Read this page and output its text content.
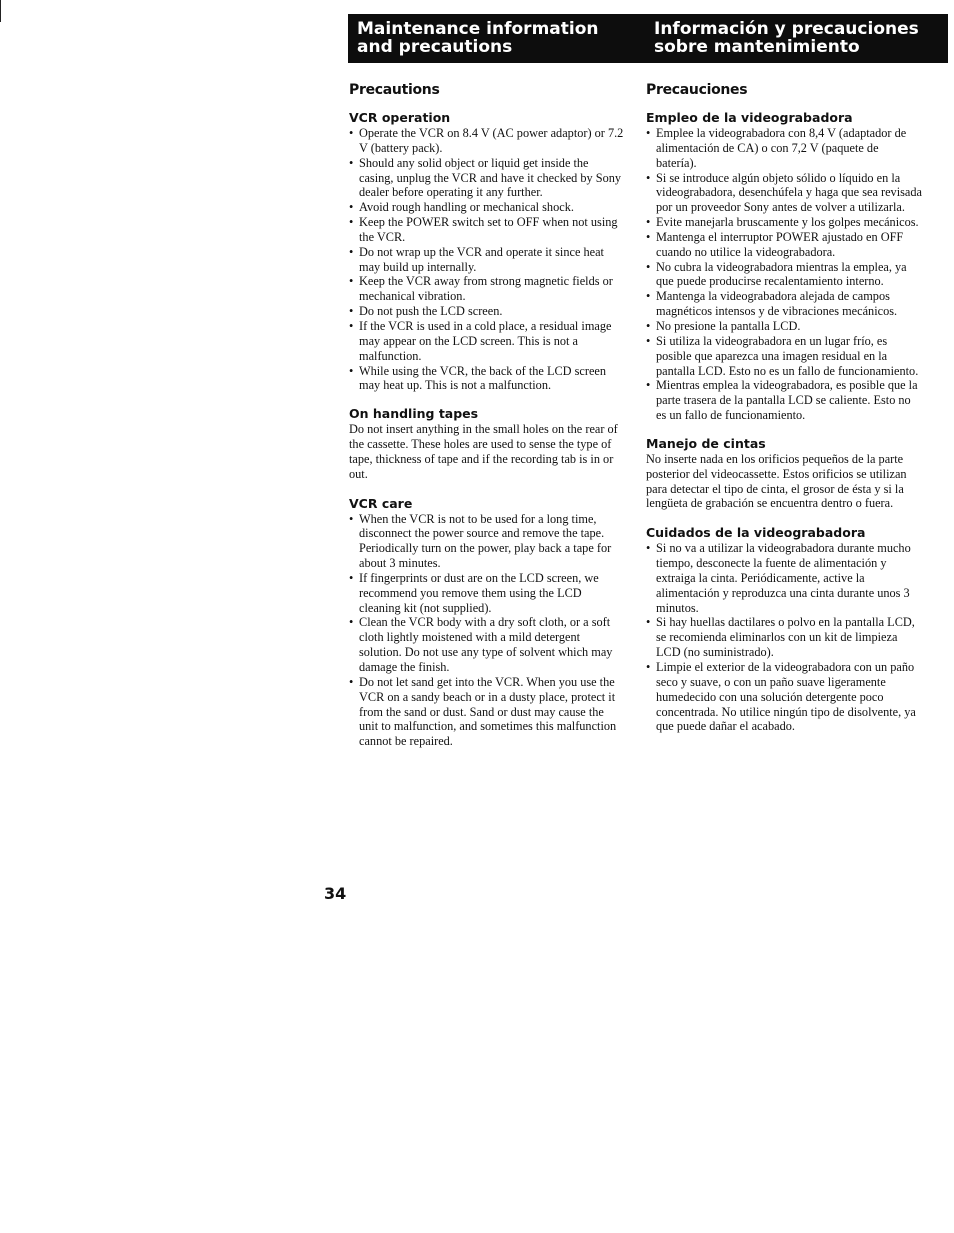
Maintenance information
and precautions
Información y precauciones
sobre mantenimiento
Precautions
VCR operation
• Operate the VCR on 8.4 V (AC power adaptor) or 7.2 V (battery pack).
• Should any solid object or liquid get inside the casing, unplug the VCR and have it checked by Sony dealer before operating it any further.
• Avoid rough handling or mechanical shock.
• Keep the POWER switch set to OFF when not using the VCR.
• Do not wrap up the VCR and operate it since heat may build up internally.
• Keep the VCR away from strong magnetic fields or mechanical vibration.
• Do not push the LCD screen.
• If the VCR is used in a cold place, a residual image may appear on the LCD screen. This is not a malfunction.
• While using the VCR, the back of the LCD screen may heat up. This is not a malfunction.
On handling tapes

Do not insert anything in the small holes on the rear of the cassette. These holes are used to sense the type of tape, thickness of tape and if the recording tab is in or out.

VCR care
• When the VCR is not to be used for a long time, disconnect the power source and remove the tape. Periodically turn on the power, play back a tape for about 3 minutes.
• If fingerprints or dust are on the LCD screen, we recommend you remove them using the LCD cleaning kit (not supplied).
• Clean the VCR body with a dry soft cloth, or a soft cloth lightly moistened with a mild detergent solution. Do not use any type of solvent which may damage the finish.
• Do not let sand get into the VCR. When you use the VCR on a sandy beach or in a dusty place, protect it from the sand or dust. Sand or dust may cause the unit to malfunction, and sometimes this malfunction cannot be repaired.
Precauciones
Empleo de la videograbadora
• Emplee la videograbadora con 8,4 V (adaptador de alimentación de CA) o con 7,2 V (paquete de batería).
• Si se introduce algún objeto sólido o líquido en la videograbadora, desenchúfela y haga que sea revisada por un proveedor Sony antes de volver a utilizarla.
• Evite manejarla bruscamente y los golpes mecánicos.
• Mantenga el interruptor POWER ajustado en OFF cuando no utilice la videograbadora.
• No cubra la videograbadora mientras la emplea, ya que puede producirse recalentamiento interno.
• Mantenga la videograbadora alejada de campos magnéticos intensos y de vibraciones mecánicos.
• No presione la pantalla LCD.
• Si utiliza la videograbadora en un lugar frío, es posible que aparezca una imagen residual en la pantalla LCD. Esto no es un fallo de funcionamiento.
• Mientras emplea la videograbadora, es posible que la parte trasera de la pantalla LCD se caliente. Esto no es un fallo de funcionamiento.
Manejo de cintas

No inserte nada en los orificios pequeños de la parte posterior del videocassette. Estos orificios se utilizan para detectar el tipo de cinta, el grosor de ésta y si la lengüeta de grabación se encuentra dentro o fuera.

Cuidados de la videograbadora
• Si no va a utilizar la videograbadora durante mucho tiempo, desconecte la fuente de alimentación y extraiga la cinta. Periódicamente, active la alimentación y reproduzca una cinta durante unos 3 minutos.
• Si hay huellas dactilares o polvo en la pantalla LCD, se recomienda eliminarlos con un kit de limpieza LCD (no suministrado).
• Limpie el exterior de la videograbadora con un paño seco y suave, o con un paño suave ligeramente humedecido con una solución detergente poco concentrada. No utilice ningún tipo de disolvente, ya que puede dañar el acabado.
34
